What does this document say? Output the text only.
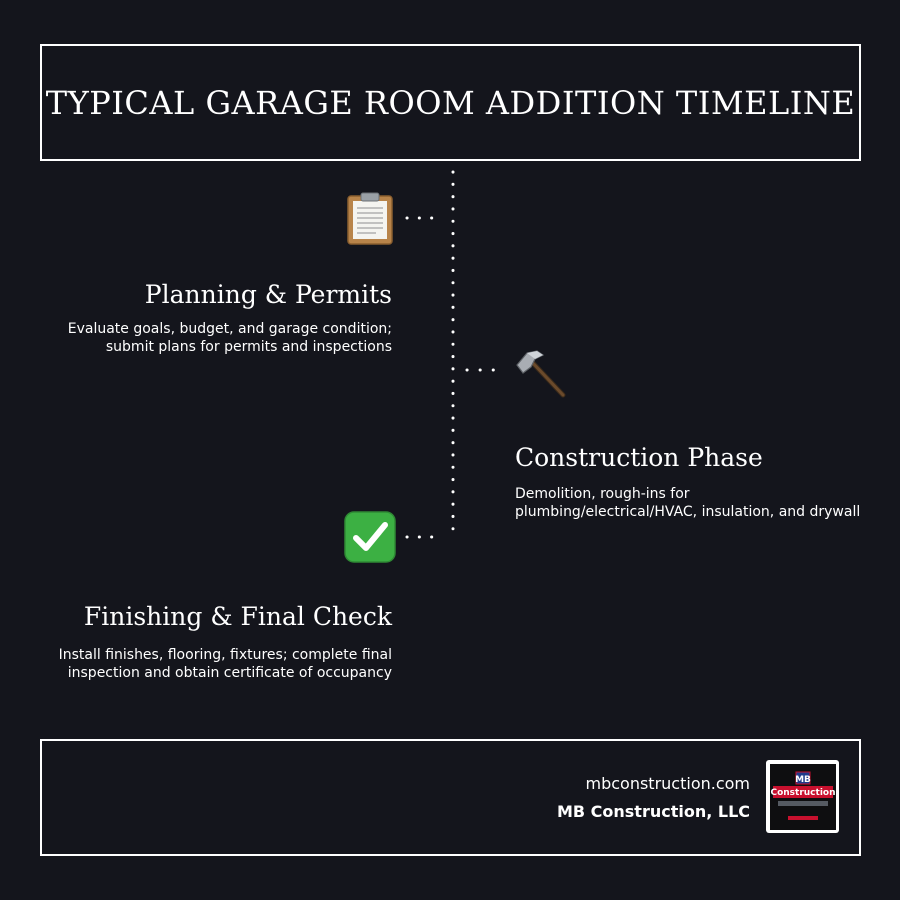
TYPICAL GARAGE ROOM ADDITION TIMELINE
Planning & Permits
Evaluate goals, budget, and garage condition;
submit plans for permits and inspections
Construction Phase
Demolition, rough-ins for
plumbing/electrical/HVAC, insulation, and drywall
Finishing & Final Check
Install finishes, flooring, fixtures; complete final
inspection and obtain certificate of occupancy
mbconstruction.com
MB Construction, LLC
MB
Construction
